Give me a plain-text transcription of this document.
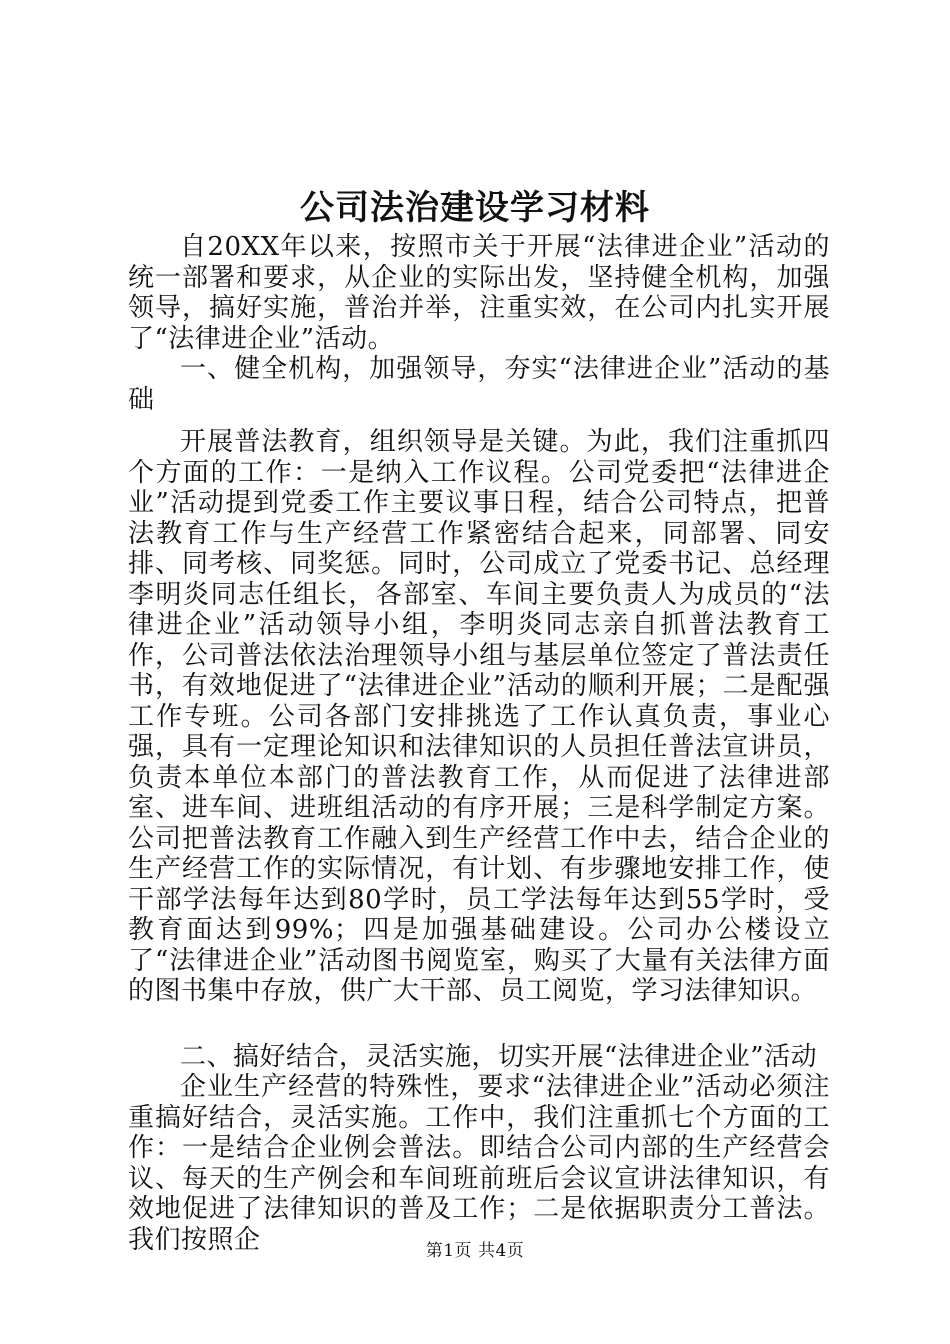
公司法治建设学习材料

自20XX年以来，按照市关于开展“法律进企业”活动的统一部署和要求，从企业的实际出发，坚持健全机构，加强领导，搞好实施，普治并举，注重实效，在公司内扎实开展了“法律进企业”活动。

一、健全机构，加强领导，夯实“法律进企业”活动的基础

开展普法教育，组织领导是关键。为此，我们注重抓四个方面的工作：一是纳入工作议程。公司党委把“法律进企业”活动提到党委工作主要议事日程，结合公司特点，把普法教育工作与生产经营工作紧密结合起来，同部署、同安排、同考核、同奖惩。同时，公司成立了党委书记、总经理李明炎同志任组长，各部室、车间主要负责人为成员的“法律进企业”活动领导小组，李明炎同志亲自抓普法教育工作，公司普法依法治理领导小组与基层单位签定了普法责任书，有效地促进了“法律进企业”活动的顺利开展；二是配强工作专班。公司各部门安排挑选了工作认真负责，事业心强，具有一定理论知识和法律知识的人员担任普法宣讲员，负责本单位本部门的普法教育工作，从而促进了法律进部室、进车间、进班组活动的有序开展；三是科学制定方案。公司把普法教育工作融入到生产经营工作中去，结合企业的生产经营工作的实际情况，有计划、有步骤地安排工作，使干部学法每年达到80学时，员工学法每年达到55学时，受教育面达到99%；四是加强基础建设。公司办公楼设立了“法律进企业”活动图书阅览室，购买了大量有关法律方面的图书集中存放，供广大干部、员工阅览，学习法律知识。

二、搞好结合，灵活实施，切实开展“法律进企业”活动

企业生产经营的特殊性，要求“法律进企业”活动必须注重搞好结合，灵活实施。工作中，我们注重抓七个方面的工作：一是结合企业例会普法。即结合公司内部的生产经营会议、每天的生产例会和车间班前班后会议宣讲法律知识，有效地促进了法律知识的普及工作；二是依据职责分工普法。我们按照企	第1页 共4页
